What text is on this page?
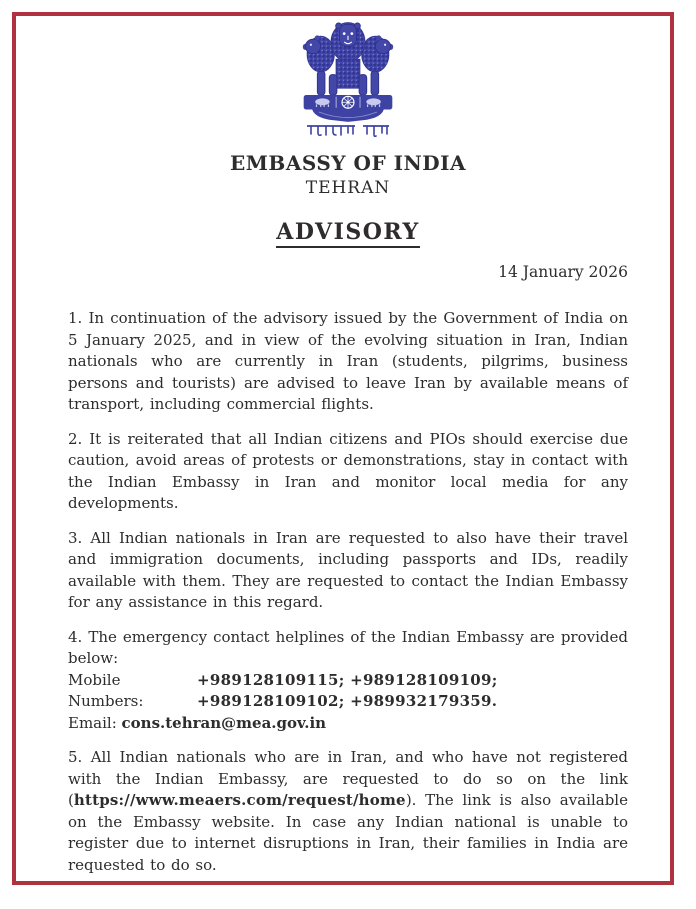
EMBASSY OF INDIA
TEHRAN
ADVISORY
14 January 2026

1. In continuation of the advisory issued by the Government of India on 5 January 2025, and in view of the evolving situation in Iran, Indian nationals who are currently in Iran (students, pilgrims, business persons and tourists) are advised to leave Iran by available means of transport, including commercial flights.

2. It is reiterated that all Indian citizens and PIOs should exercise due caution, avoid areas of protests or demonstrations, stay in contact with the Indian Embassy in Iran and monitor local media for any developments.

3. All Indian nationals in Iran are requested to also have their travel and immigration documents, including passports and IDs, readily available with them. They are requested to contact the Indian Embassy for any assistance in this regard.

4. The emergency contact helplines of the Indian Embassy are provided below:

Mobile Numbers:
+989128109115; +989128109109;
+989128109102; +989932179359.
Email: cons.tehran@mea.gov.in

5. All Indian nationals who are in Iran, and who have not registered with the Indian Embassy, are requested to do so on the link (https://www.meaers.com/request/home). The link is also available on the Embassy website. In case any Indian national is unable to register due to internet disruptions in Iran, their families in India are requested to do so.
